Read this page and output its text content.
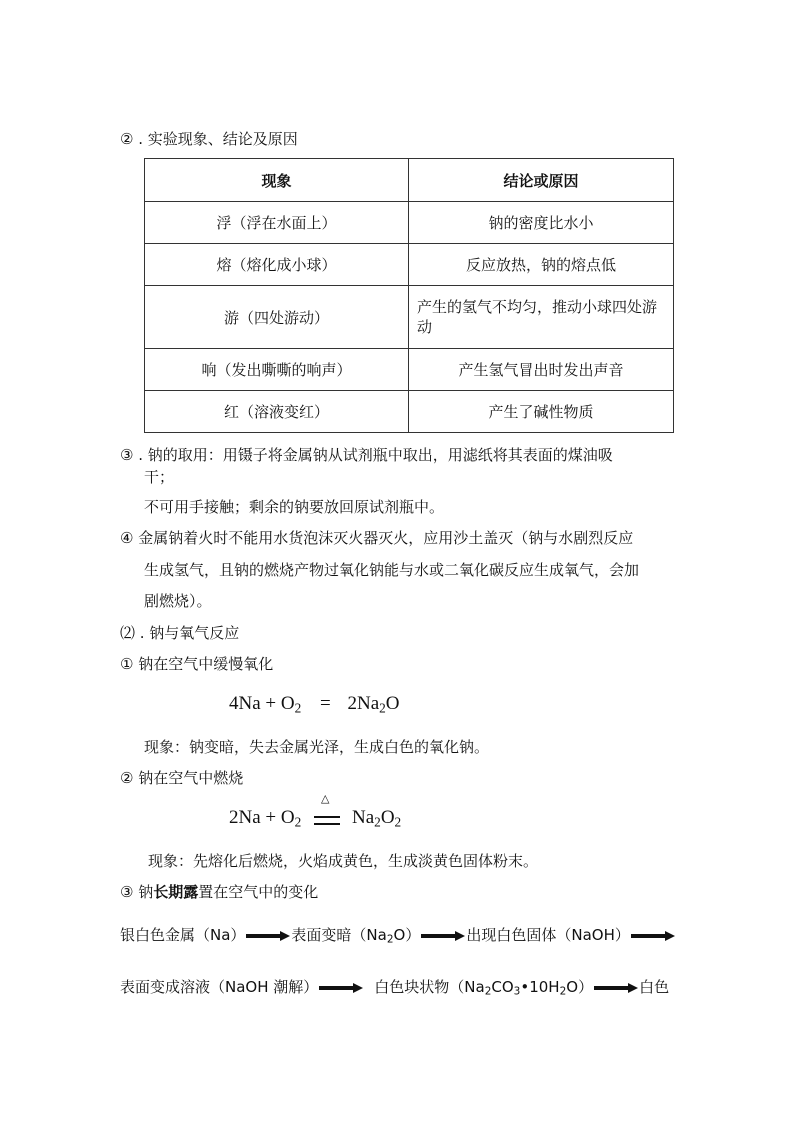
② . 实验现象、结论及原因
现象	结论或原因
浮（浮在水面上）	钠的密度比水小
熔（熔化成小球）	反应放热，钠的熔点低
游（四处游动）	产生的氢气不均匀，推动小球四处游动
响（发出嘶嘶的响声）	产生氢气冒出时发出声音
红（溶液变红）	产生了碱性物质
③ . 钠的取用：用镊子将金属钠从试剂瓶中取出，用滤纸将其表面的煤油吸
干；
不可用手接触；剩余的钠要放回原试剂瓶中。
④ 金属钠着火时不能用水货泡沫灭火器灭火，应用沙土盖灭（钠与水剧烈反应
生成氢气，且钠的燃烧产物过氧化钠能与水或二氧化碳反应生成氧气，会加
剧燃烧）。
⑵ . 钠与氧气反应
① 钠在空气中缓慢氧化
$4Na + O_2 = 2Na_2O$
现象：钠变暗，失去金属光泽，生成白色的氧化钠。
② 钠在空气中燃烧
$2Na + O_2$
△
$Na_2O_2$
现象：先熔化后燃烧，火焰成黄色，生成淡黄色固体粉末。
③ 钠长期露置在空气中的变化
银白色金属（Na）	表面变暗$(Na_2O)$	出现白色固体（NaOH）
表面变成溶液（NaOH 潮解）	白色块状物$(Na_2CO_3•10H_2O)$	白色
